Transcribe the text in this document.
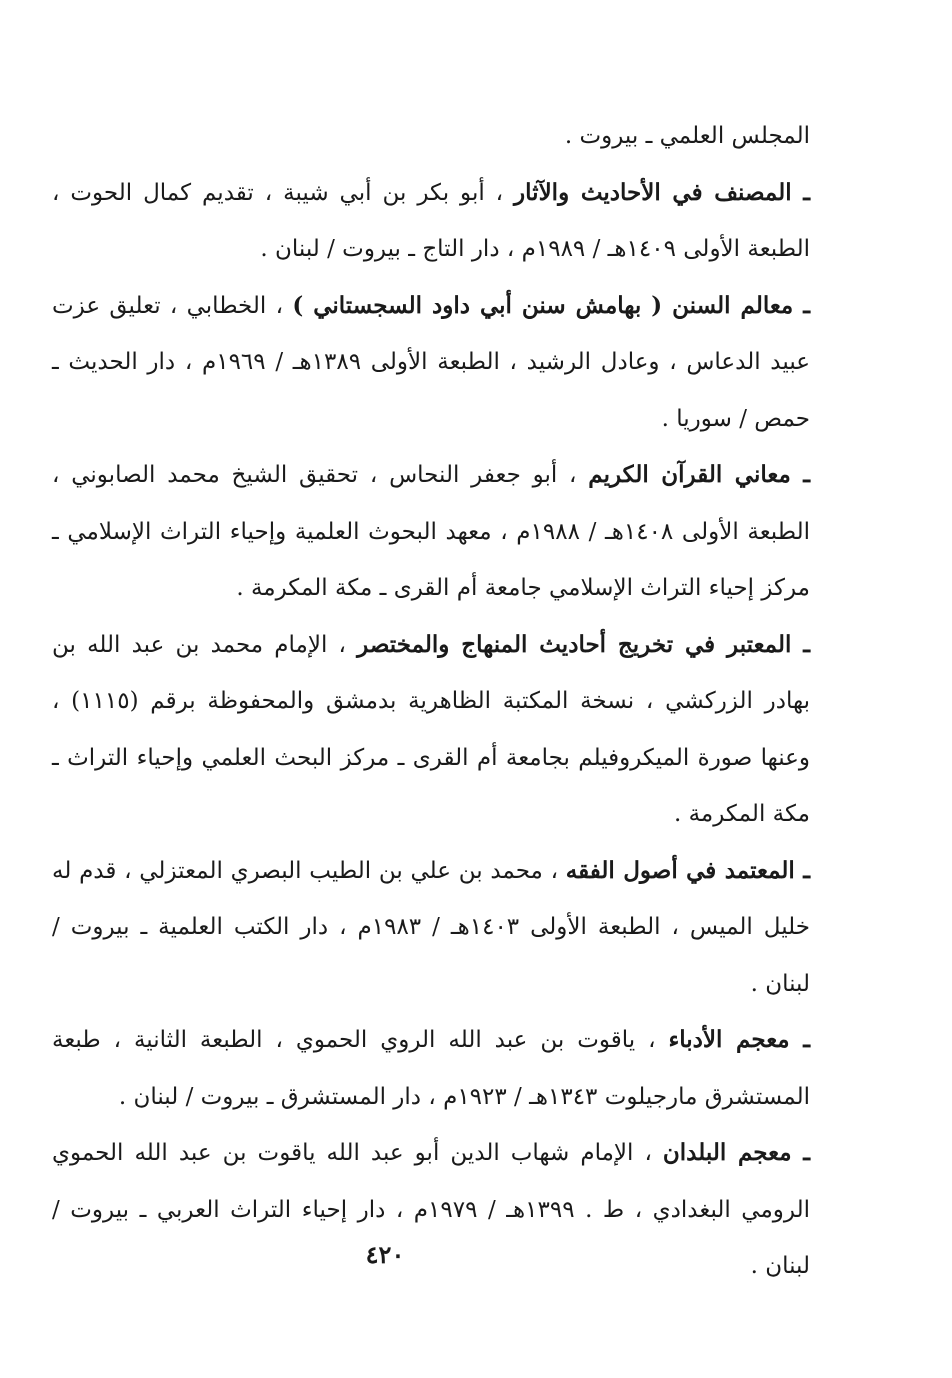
المجلس العلمي ـ بيروت .

ـ المصنف في الأحاديث والآثار ، أبو بكر بن أبي شيبة ، تقديم كمال الحوت ، الطبعة الأولى ١٤٠٩هـ / ١٩٨٩م ، دار التاج ـ بيروت / لبنان .

ـ معالم السنن ( بهامش سنن أبي داود السجستاني ) ، الخطابي ، تعليق عزت عبيد الدعاس ، وعادل الرشيد ، الطبعة الأولى ١٣٨٩هـ / ١٩٦٩م ، دار الحديث ـ حمص / سوريا .

ـ معاني القرآن الكريم ، أبو جعفر النحاس ، تحقيق الشيخ محمد الصابوني ، الطبعة الأولى ١٤٠٨هـ / ١٩٨٨م ، معهد البحوث العلمية وإحياء التراث الإسلامي ـ مركز إحياء التراث الإسلامي جامعة أم القرى ـ مكة المكرمة .

ـ المعتبر في تخريج أحاديث المنهاج والمختصر ، الإمام محمد بن عبد الله بن بهادر الزركشي ، نسخة المكتبة الظاهرية بدمشق والمحفوظة برقم (١١١٥) ، وعنها صورة الميكروفيلم بجامعة أم القرى ـ مركز البحث العلمي وإحياء التراث ـ مكة المكرمة .

ـ المعتمد في أصول الفقه ، محمد بن علي بن الطيب البصري المعتزلي ، قدم له خليل الميس ، الطبعة الأولى ١٤٠٣هـ / ١٩٨٣م ، دار الكتب العلمية ـ بيروت / لبنان .

ـ معجم الأدباء ، ياقوت بن عبد الله الروي الحموي ، الطبعة الثانية ، طبعة المستشرق مارجيلوت ١٣٤٣هـ / ١٩٢٣م ، دار المستشرق ـ بيروت / لبنان .

ـ معجم البلدان ، الإمام شهاب الدين أبو عبد الله ياقوت بن عبد الله الحموي الرومي البغدادي ، ط . ١٣٩٩هـ / ١٩٧٩م ، دار إحياء التراث العربي ـ بيروت / لبنان .

٤٢٠
